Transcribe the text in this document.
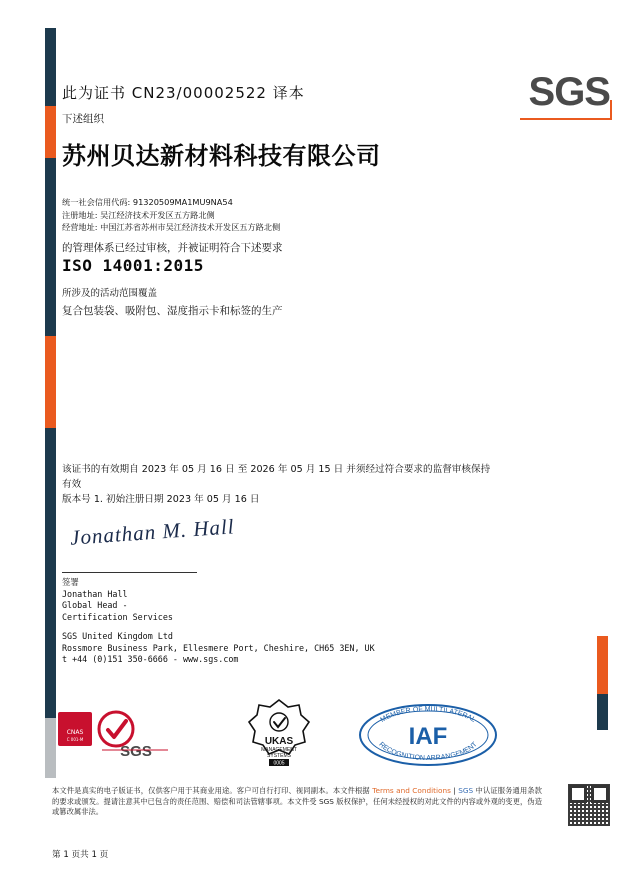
SGS
此为证书 CN23/00002522 译本
下述组织
苏州贝达新材料科技有限公司
统一社会信用代码: 91320509MA1MU9NA54
注册地址: 吴江经济技术开发区五方路北侧
经营地址: 中国江苏省苏州市吴江经济技术开发区五方路北侧
的管理体系已经过审核，并被证明符合下述要求
ISO 14001:2015
所涉及的活动范围覆盖
复合包装袋、吸附包、湿度指示卡和标签的生产
该证书的有效期自 2023 年 05 月 16 日 至 2026 年 05 月 15 日 并须经过符合要求的监督审核保持有效
版本号 1. 初始注册日期 2023 年 05 月 16 日
Jonathan M. Hall
签署
Jonathan Hall
Global Head -
Certification Services
SGS United Kingdom Ltd
Rossmore Business Park, Ellesmere Port, Cheshire, CH65 3EN, UK
t +44 (0)151 350-6666 - www.sgs.com
CNAS
C 001-M
SGS
UKAS
MANAGEMENT
SYSTEMS
0005
MEMBER OF MULTILATERAL
RECOGNITION ARRANGEMENT
IAF
本文件是真实的电子版证书，仅供客户用于其商业用途。客户可自行打印、视同副本。本文件根据 Terms and Conditions | SGS 中认证服务通用条款的要求或颁发。提请注意其中已包含的责任范围、赔偿和司法管辖事项。本文件受 SGS 版权保护，任何未经授权的对此文件的内容或外观的变更，伪造或篡改属非法。
第 1 页共 1 页
